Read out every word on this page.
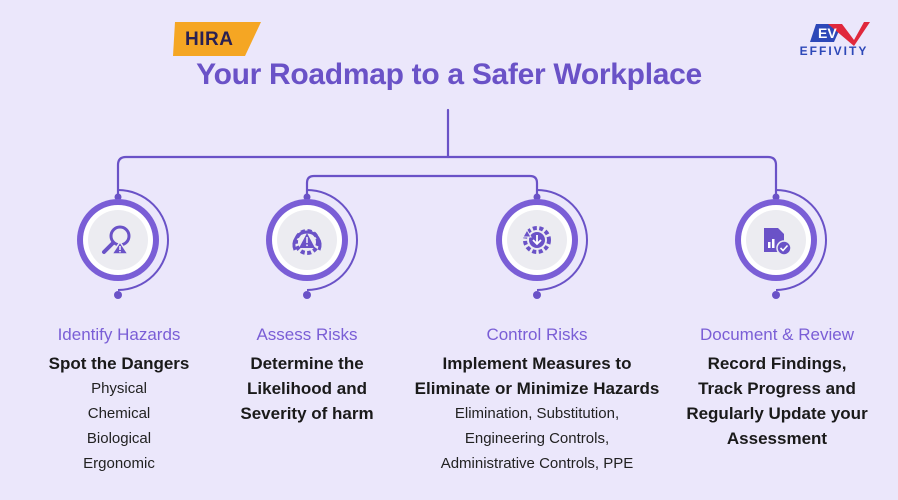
HIRA
Your Roadmap to a Safer Workplace
EV
EFFIVITY
Identify Hazards
Spot the Dangers
Physical
Chemical
Biological
Ergonomic
Assess Risks
Determine the
Likelihood and
Severity of harm
Control Risks
Implement Measures to
Eliminate or Minimize Hazards
Elimination, Substitution,
Engineering Controls,
Administrative Controls, PPE
Document & Review
Record Findings,
Track Progress and
Regularly Update your
Assessment
